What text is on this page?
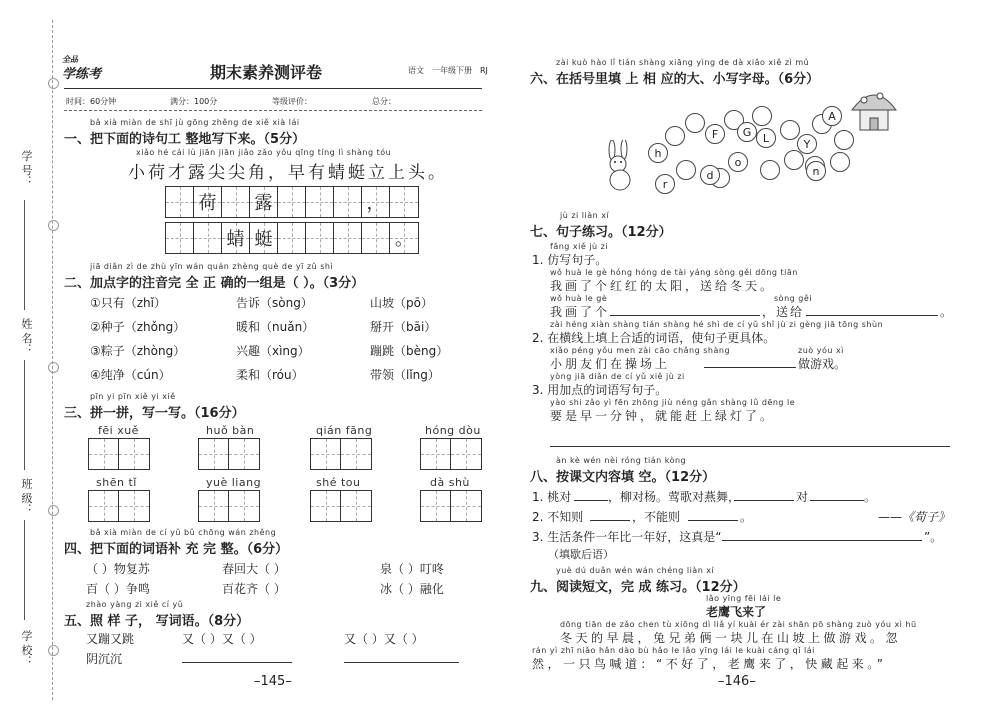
学 号：
姓 名：
班 级：
学 校：
全品
学练考	期末素养测评卷	语文　一年级下册　RJ
时间：60分钟	满分：100分	等级评价：	总分：
bǎ xià miàn de shī jù gōng zhěng de xiě xià lái
一、把下面的诗句工 整地写下来。（5分）
xiǎo hé cái lù jiān jiān jiǎo zǎo yǒu qīng tíng lì shàng tóu
小荷才露尖尖角，早有蜻蜓立上头。
荷 露	，
蜻 蜓	。
jiā diǎn zì de zhù yīn wán quán zhèng què de yī zǔ shì
二、加点字的注音完 全 正 确的一组是（ ）。（3分）
①只有（zhǐ）	告诉（sòng）	山坡（pō）
②种子（zhǒng）	暖和（nuǎn）	掰开（bāi）
③粽子（zhòng）	兴趣（xìng）	蹦跳（bèng）
④纯净（cún）	柔和（róu）	带领（lǐng）
pīn yi pīn xiě yi xiě
三、拼一拼，写一写。（16分）
fēi xuě	huǒ bàn	qián fāng	hóng dòu
shēn tǐ	yuè liang	shé tou	dà shù
bǎ xià miàn de cí yǔ bǔ chōng wán zhěng
四、把下面的词语补 充 完 整。（6分）
（ ）物复苏	春回大（ ）	泉（ ）叮咚
百（ ）争鸣	百花齐（ ）	冰（ ）融化
zhào yàng zi xiě cí yǔ
五、照 样 子， 写词语。（8分）
又蹦又跳	又（ ）又（ ）	又（ ）又（ ）
阴沉沉
–145–
zài kuò hào lǐ tián shàng xiāng yìng de dà xiǎo xiě zì mǔ
六、在括号里填 上 相 应的大、小写字母。（6分）
h
F	G	L	Y
A
n
o
d
r
jù zi liàn xí
七、句子练习。（12分）
fǎng xiě jù zi
1. 仿写句子。
wǒ huà le gè hóng hóng de tài yáng sòng gěi dōng tiān
我画了个红红的太阳，送给冬天。
wǒ huà le gè
我画了个
sòng gěi
，送给	。
zài héng xiàn shàng tián shàng hé shì de cí yǔ shǐ jù zi gèng jiā tōng shùn
2. 在横线上填上合适的词语，使句子更具体。
xiǎo péng yǒu men zài cāo chǎng shàng
小朋友们在操场上
zuò yóu xì
做游戏。
yòng jiā diǎn de cí yǔ xiě jù zi
3. 用加点的词语写句子。
yào shi zǎo yì fēn zhōng jiù néng gǎn shàng lǜ dēng le
要是早一分钟，就能赶上绿灯了。
àn kè wén nèi róng tián kòng
八、按课文内容填 空。（12分）
1. 桃对	，柳对杨。莺歌对燕舞，	对	。
2. 不知则	，不能则	。	——《荀子》
3. 生活条件一年比一年好，这真是“	”。
（填歇后语）
yuè dú duǎn wén wán chéng liàn xí
九、阅读短文，完 成 练习。（12分）
lǎo yīng fēi lái le
老鹰飞来了
dōng tiān de zǎo chen tù xiōng dì liǎ yí kuài ér zài shān pō shàng zuò yóu xì hū
冬天的早晨，兔兄弟俩一块儿在山坡上做游戏。忽
rán yì zhī niǎo hǎn dào bù hǎo le lǎo yīng lái le kuài cáng qǐ lái
然，一只鸟喊道：“不好了，老鹰来了，快藏起来。”
–146–
